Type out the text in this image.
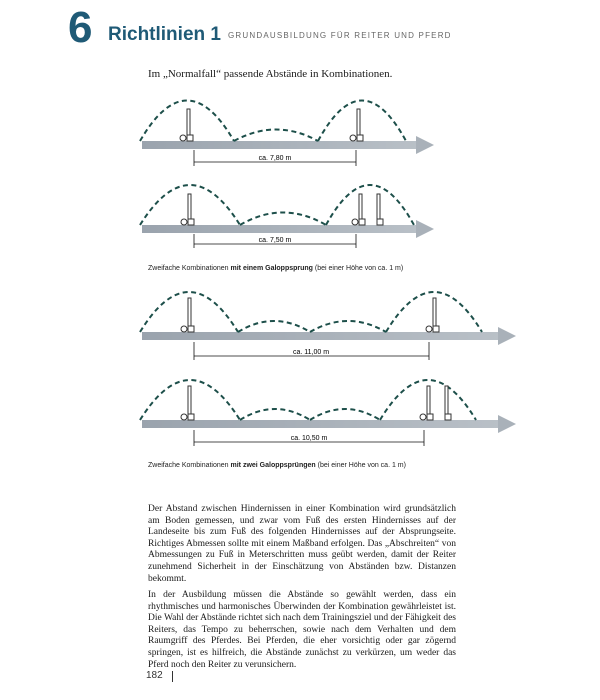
6 Richtlinien 1 GRUNDAUSBILDUNG FÜR REITER UND PFERD
Im „Normalfall“ passende Abstände in Kombinationen.
ca. 7,80 m
ca. 7,50 m
ca. 11,00 m
ca. 10,50 m
Zweifache Kombinationen mit einem Galoppsprung (bei einer Höhe von ca. 1 m)
Zweifache Kombinationen mit zwei Galoppsprüngen (bei einer Höhe von ca. 1 m)

Der Abstand zwischen Hindernissen in einer Kombination wird grundsätzlich am Boden gemessen, und zwar vom Fuß des ersten Hindernisses auf der Landeseite bis zum Fuß des folgenden Hindernisses auf der Absprungseite. Richtiges Abmessen sollte mit einem Maßband erfolgen. Das „Abschreiten“ von Abmessungen zu Fuß in Meterschritten muss geübt werden, damit der Reiter zunehmend Sicherheit in der Einschätzung von Abständen bzw. Distanzen bekommt.

In der Ausbildung müssen die Abstände so gewählt werden, dass ein rhythmisches und harmonisches Überwinden der Kombination gewährleistet ist. Die Wahl der Abstände richtet sich nach dem Trainingsziel und der Fähigkeit des Reiters, das Tempo zu beherrschen, sowie nach dem Verhalten und dem Raumgriff des Pferdes. Bei Pferden, die eher vorsichtig oder gar zögernd springen, ist es hilfreich, die Abstände zunächst zu verkürzen, um weder das Pferd noch den Reiter zu verunsichern.

182
